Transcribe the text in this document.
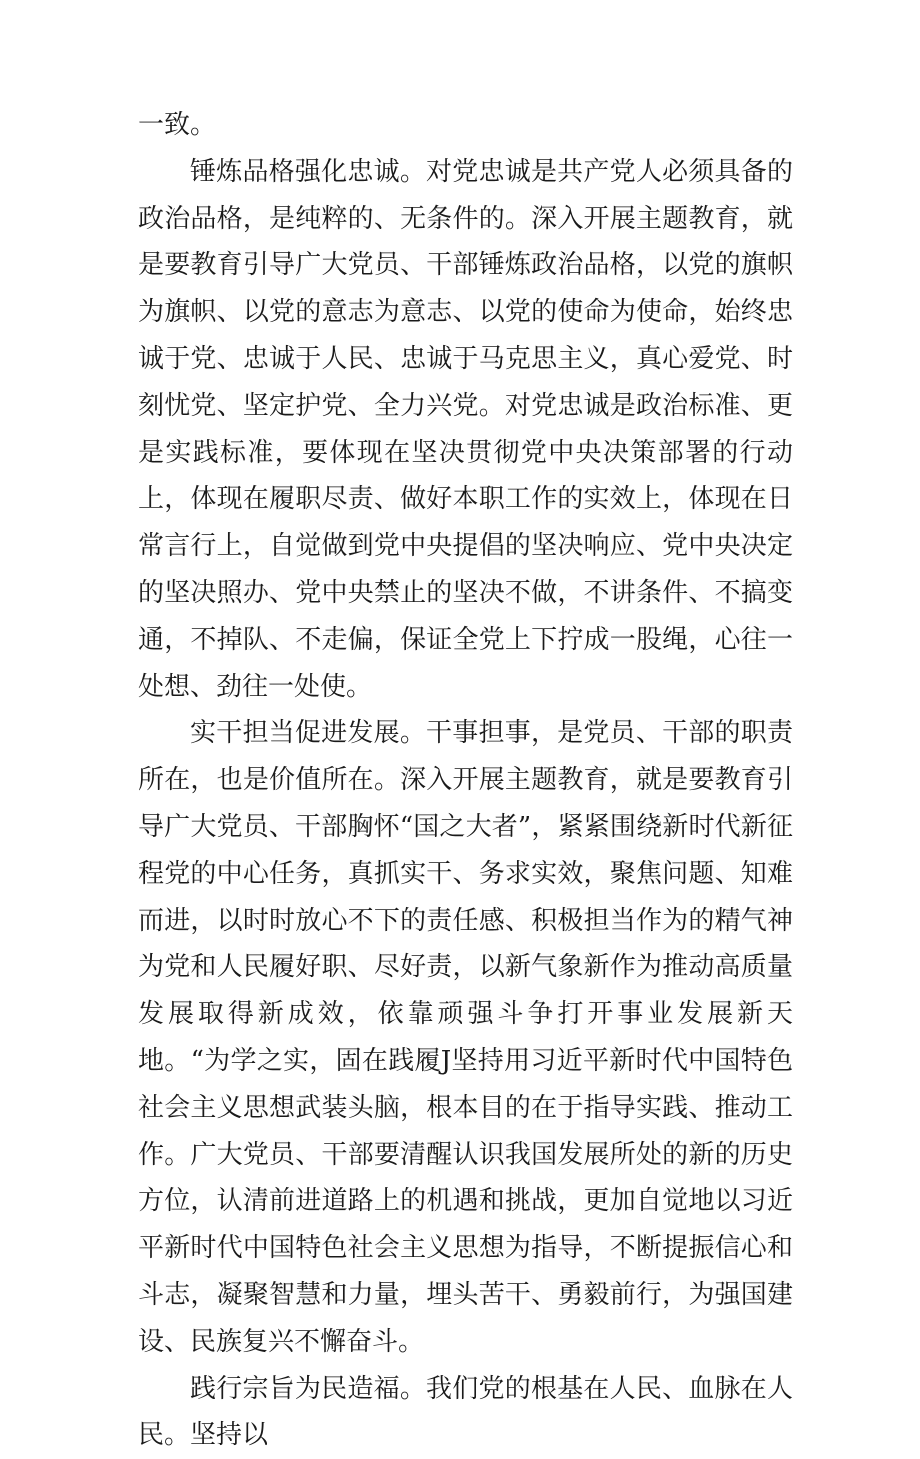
一致。

锤炼品格强化忠诚。对党忠诚是共产党人必须具备的政治品格，是纯粹的、无条件的。深入开展主题教育，就是要教育引导广大党员、干部锤炼政治品格，以党的旗帜为旗帜、以党的意志为意志、以党的使命为使命，始终忠诚于党、忠诚于人民、忠诚于马克思主义，真心爱党、时刻忧党、坚定护党、全力兴党。对党忠诚是政治标准、更是实践标准，要体现在坚决贯彻党中央决策部署的行动上，体现在履职尽责、做好本职工作的实效上，体现在日常言行上，自觉做到党中央提倡的坚决响应、党中央决定的坚决照办、党中央禁止的坚决不做，不讲条件、不搞变通，不掉队、不走偏，保证全党上下拧成一股绳，心往一处想、劲往一处使。

实干担当促进发展。干事担事，是党员、干部的职责所在，也是价值所在。深入开展主题教育，就是要教育引导广大党员、干部胸怀“国之大者”，紧紧围绕新时代新征程党的中心任务，真抓实干、务求实效，聚焦问题、知难而进，以时时放心不下的责任感、积极担当作为的精气神为党和人民履好职、尽好责，以新气象新作为推动高质量发展取得新成效，依靠顽强斗争打开事业发展新天地。“为学之实，固在践履J坚持用习近平新时代中国特色社会主义思想武装头脑，根本目的在于指导实践、推动工作。广大党员、干部要清醒认识我国发展所处的新的历史方位，认清前进道路上的机遇和挑战，更加自觉地以习近平新时代中国特色社会主义思想为指导，不断提振信心和斗志，凝聚智慧和力量，埋头苦干、勇毅前行，为强国建设、民族复兴不懈奋斗。

践行宗旨为民造福。我们党的根基在人民、血脉在人民。坚持以
